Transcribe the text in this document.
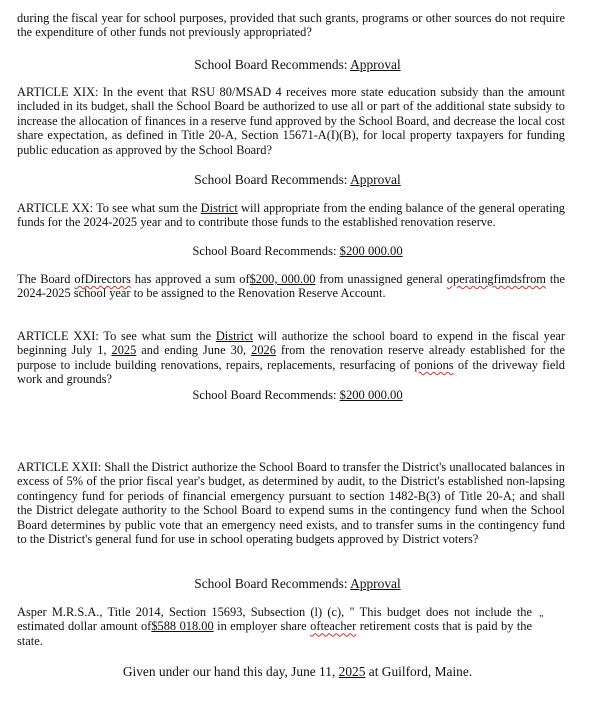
during the fiscal year for school purposes, provided that such grants, programs or other sources do not require the expenditure of other funds not previously appropriated?

School Board Recommends: Approval

ARTICLE XIX: In the event that RSU 80/MSAD 4 receives more state education subsidy than the amount included in its budget, shall the School Board be authorized to use all or part of the additional state subsidy to increase the allocation of finances in a reserve fund approved by the School Board, and decrease the local cost share expectation, as defined in Title 20-A, Section 15671-A(I)(B), for local property taxpayers for funding public education as approved by the School Board?

School Board Recommends: Approval

ARTICLE XX: To see what sum the District will appropriate from the ending balance of the general operating funds for the 2024-2025 year and to contribute those funds to the established renovation reserve.

School Board Recommends: $200 000.00

The Board ofDirectors has approved a sum of$200, 000.00 from unassigned general operatingfimdsfrom the 2024-2025 school year to be assigned to the Renovation Reserve Account.

ARTICLE XXI: To see what sum the District will authorize the school board to expend in the fiscal year beginning July 1, 2025 and ending June 30, 2026 from the renovation reserve already established for the purpose to include building renovations, repairs, replacements, resurfacing of ponions of the driveway field work and grounds?

School Board Recommends: $200 000.00

ARTICLE XXII: Shall the District authorize the School Board to transfer the District's unallocated balances in excess of 5% of the prior fiscal year's budget, as determined by audit, to the District's established non-lapsing contingency fund for periods of financial emergency pursuant to section 1482-B(3) of Title 20-A; and shall the District delegate authority to the School Board to expend sums in the contingency fund when the School Board determines by public vote that an emergency need exists, and to transfer sums in the contingency fund to the District's general fund for use in school operating budgets approved by District voters?

School Board Recommends: Approval

Asper M.R.S.A., Title 2014, Section 15693, Subsection (l) (c), " This budget does not include the estimated dollar amount of$588 018.00 in employer share ofteacher retirement costs that is paid by the state.

"

Given under our hand this day, June 11, 2025 at Guilford, Maine.
